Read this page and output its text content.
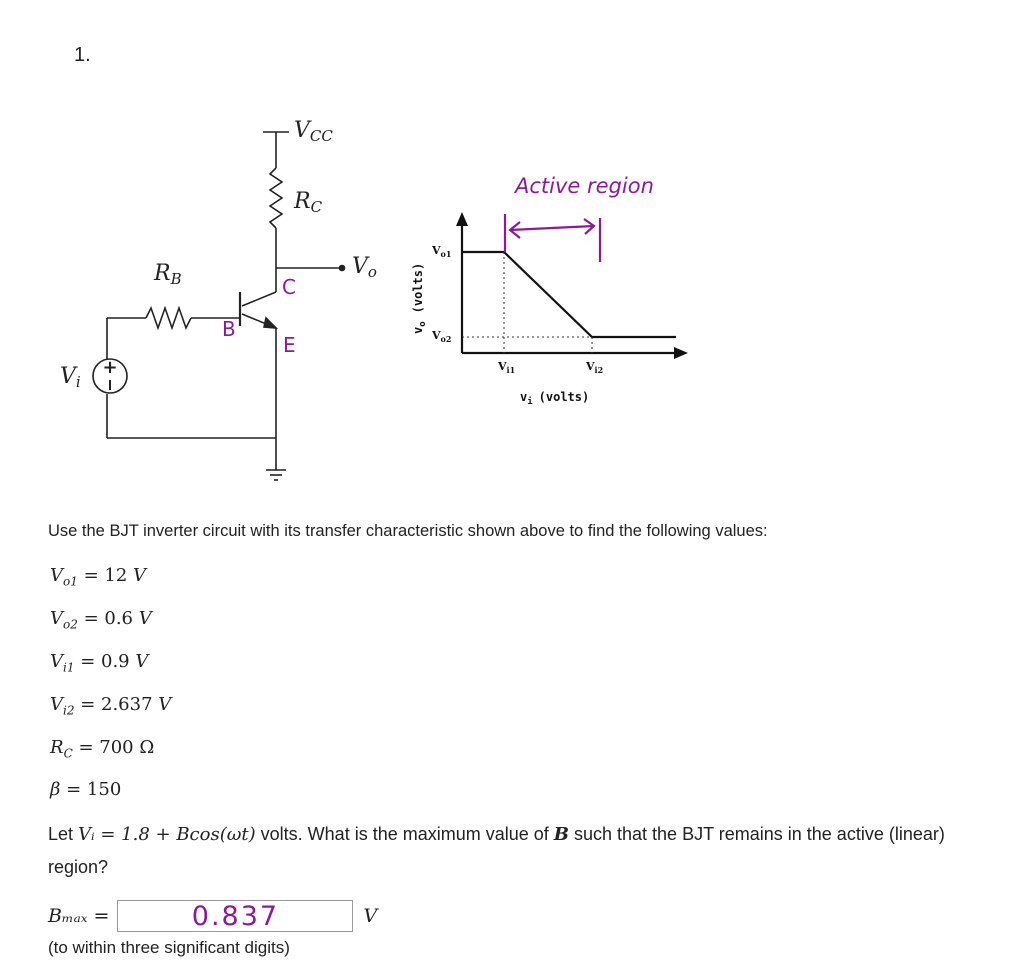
1.
+
VCC
RC
RB	Vo
Vi
C
B
E
$V_{o1}$
$V_{o2}$
$V_{i1}$	$V_{i2}$
$v_i$ (volts)
$v_o(volts)$
Active region
Use the BJT inverter circuit with its transfer characteristic shown above to find the following values:
$V_{o1} = 12$ V
$V_{o2} = 0.6$ V
$V_{i1} = 0.9$ V
$V_{i2} = 2.637$ V
$R_C = 700$ Ω
β = 150
Let Vᵢ = 1.8 + Bcos(ωt) volts. What is the maximum value of B such that the BJT remains in the active (linear) region?
Bₘₐₓ =	0.837	V
(to within three significant digits)
